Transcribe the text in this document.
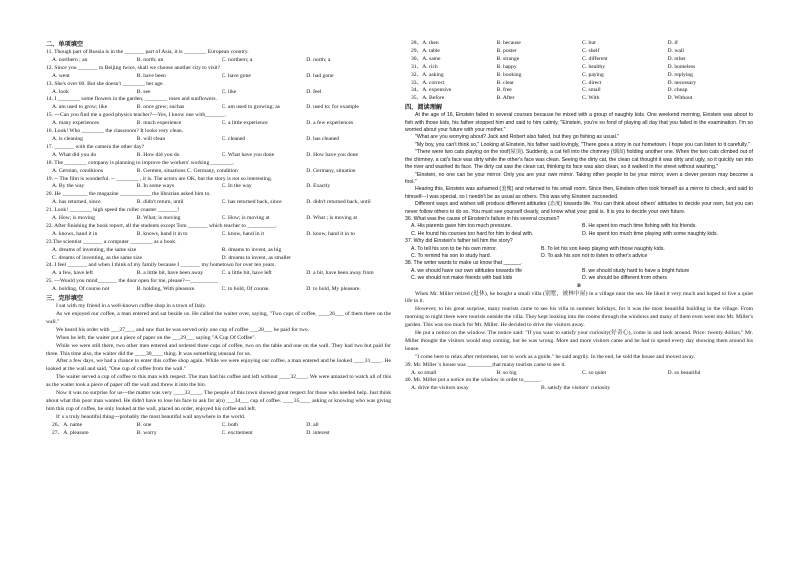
二、单项填空
11. Though part of Russia is in the _______ part of Asia, it is ________ European country.
A. northern ; an	B. north; an	C. northern; a	D. north; a
12. Since you _______ to Beijing twice, shall we choose another city to visit?
A. went	B. have been	C. have gone	D. had gone
13. She's over 60. But she doesn't ________ her age.
A. look	B. see	C. like	D. feel
14. I ________ some flowers in the garden, ________ roses and sunflowers.
A. am used to grow; like	B. once grew; suchas	C. am used to growing; as	D. used to; for example
15. ---Can you find me a good physics teacher?---Yes, I know one with_______.
A. many experiences	B. much experience	C. a little experience	D. a few experiences
16. Look! Who ________ the classroom? It looks very clean.
A. is cleaning	B. will clean	C. cleaned	D. has cleaned
17. _______ with the camera the other day?
A. What did you do	B. How did you do	C. What have you done	D. How have you done
18. The ________ company is planning to improve the workers' working ________.
A. German, conditions	B. Germen, situations C. Germany, condition	D. Germany, situation
19. -- The film is wonderful. -- ________ , it is. The actors are OK, but the story is not so interesting.
A. By the way	B. In some ways	C. In the way	D. Exactly
20. He _________ the magazine ___________ the librarian asked him to.
A. has returned, since	B. didn't return, until	C. has returned back, since	D. didn't returned back, until
21. Look! ________ high speed the roller coaster _______!
A. How; is moving	B. What; is moving	C. How; is moving at	D. What ; is moving at
22. After finishing the book report, all the students except Tom _______ which teacher to __________.
A. knows, hand it in	B. knows, hand it in to	C. know, hand in it	D. know, hand it in to
23.The scientist _______ a computer ________ as a book.
A. dreams of inventing, the same size	B. dreams to invent, as big
C. dreams of inventing, as the same size	D. dreams to invent, as smaller
24. I feel _______ and when I think of my family because I _______ my hometown for over ten years.
A. a few, have left	B. a little bit, have been away	C. a little bit, have left	D. a bit, have been away from
25. ---Would you mind_______ the door open for me, please?---__________
A. holding, Of course not	B. holding, With pleasure.	C. to hold, Of course.	D. to hold, My pleasure.
三、完形填空
I sat with my friend in a well-known coffee shop in a town of Italy.
As we enjoyed our coffee, a man entered and sat beside us. He called the waiter over, saying, "Two cups of coffee, ____26___ of them there on the wall."
We heard his order with ___27___, and saw that he was served only one cup of coffee ___28___ he paid for two.
When he left, the waiter put a piece of paper on the ___29___ saying "A Cup Of Coffee".
While we were still there, two other men entered and ordered three cups of coffee, two on the table and one on the wall. They had two but paid for three. This time also, the waiter did the ____30____ thing. It was something unusual for us.
After a few days, we had a chance to enter this coffee shop again. While we were enjoying our coffee, a man entered and he looked ____31____. He looked at the wall and said, "One cup of coffee from the wall."
The waiter served a cup of coffee to this man with respect. The man had his coffee and left without ____32____. We were amazed to watch all of this as the waiter took a piece of paper off the wall and threw it into the bin.
Now it was no surprise for us---the matter was very ____33____. The people of this town showed great respect for those who needed help. Just think about what this poor man wanted. He didn't have to lose his face to ask for a(n) ___34___ cup of coffee. ____35____ asking or knowing who was giving him this cup of coffee, he only looked at the wall, placed an order, enjoyed his coffee and left.
It' s a truly beautiful thing---probably the most beautiful wall anywhere in the world.
26、A. name	B. one	C. both	D. all
27、A. pleasure	B. worry	C. excitement	D. interest
28、A. then	B. because	C. but	D. if
29、A. table	B. poster	C. shelf	D. wall
30、A. same	B. strange	C. different	D. other
31、A. rich	B. happy	C. healthy	D. homeless
32、A. asking	B. booking	C. paying	D. replying
33、A. correct	B. clear	C. direct	D. necessary
34、A. expensive	B. free	C. small	D. cheap
35、A. Before	B. After	C. With	D. Without
四、阅读理解
At the age of 16, Einstein failed in several courses because he mixed with a group of naughty kids. One weekend morning, Einstein was about to fish with those kids, his father stopped him and said to him calmly, "Einstein, you're so fond of playing all day that you failed in the examination. I'm so worried about your future with your mother."
"What are you worrying about? Jack and Robert also failed, but they go fishing as usual."
"My boy, you can't think so," Looking at Einstein, his father said lovingly, "There goes a story in our hometown. I hope you can listen to it carefully."
"There were two cats playing on the roof(屋顶). Suddenly, a cat fell into the chimney (烟囱) holding another one. When the two cats climbed out of the chimney, a cat's face was dirty while the other's face was clean. Seeing the dirty cat, the clean cat thought it was dirty and ugly, so it quickly ran into the river and washed its face. The dirty cat saw the clean cat, thinking its face was also clean, so it walked in the street without washing."
"Einstein, no one can be your mirror. Only you are your own mirror. Taking other people to be your mirror, even a clever person may become a fool."
Hearing this, Einstein was ashamed (羞愧) and returned to his small room. Since then, Einstein often took himself as a mirror to check, and said to himself---I was special, so I needn't be as usual as others. This was why Einstein succeeded.
Different ways and wishes will produce different attitudes (态度) towards life. You can think about others' attitudes to decide your own, but you can never follow others to do so. You must see yourself clearly, and know what your goal is. It is you to decide your own future.
36. What was the cause of Einstein's failure in his several courses?
A. His parents gave him too much pressure.	B. He spent too much time fishing with his friends.
C. He found his courses too hard for him to deal with.	D. He spent too much time playing with some naughty kids.
37. Why did Einstein's father tell him the story?
A. To tell his son to be his own mirror.	B. To let his son keep playing with those naughty kids.
C. To remind his son to study hard.	D. To ask his son not to listen to other's advice
38. The writer wants to make us know that ______.
A. we should have our own attitudes towards life	B. we should study hard to have a bright future
C. we should not make friends with bad kids	D. we should be different from others
B
When Mr. Miller retired (退休), he bought a small villa (别墅，被林中屋) in a village near the sea. He liked it very much and hoped to live a quiet life in it.
However, to his great surprise, many tourists came to see his villa in summer holidays, for it was the most beautiful building in the village. From morning to night there were tourists outside the villa. They kept looking into the rooms through the windows and many of them even went into Mr. Miller's garden. This was too much for Mr. Miller. He decided to drive the visitors away.
He put a notice on the window. The notice said: "If you want to satisfy your curiosity(好奇心), come in and look around. Price: twenty dollars." Mr. Miller thought the visitors would stop coming, but he was wrong. More and more visitors came and he had to spend every day showing them around his house.
"I come here to relax after retirement, not to work as a guide." he said angrily. In the end, he sold the house and moved away.
39. Mr. Miller 's house was _________that many tourists came to see it.
A. so small	B. so big	C. so quiet	D. so beautiful
40. Mr. Miller put a notice on the window in order to______.
A. drive the visitors away	B. satisfy the visitors' curiosity
